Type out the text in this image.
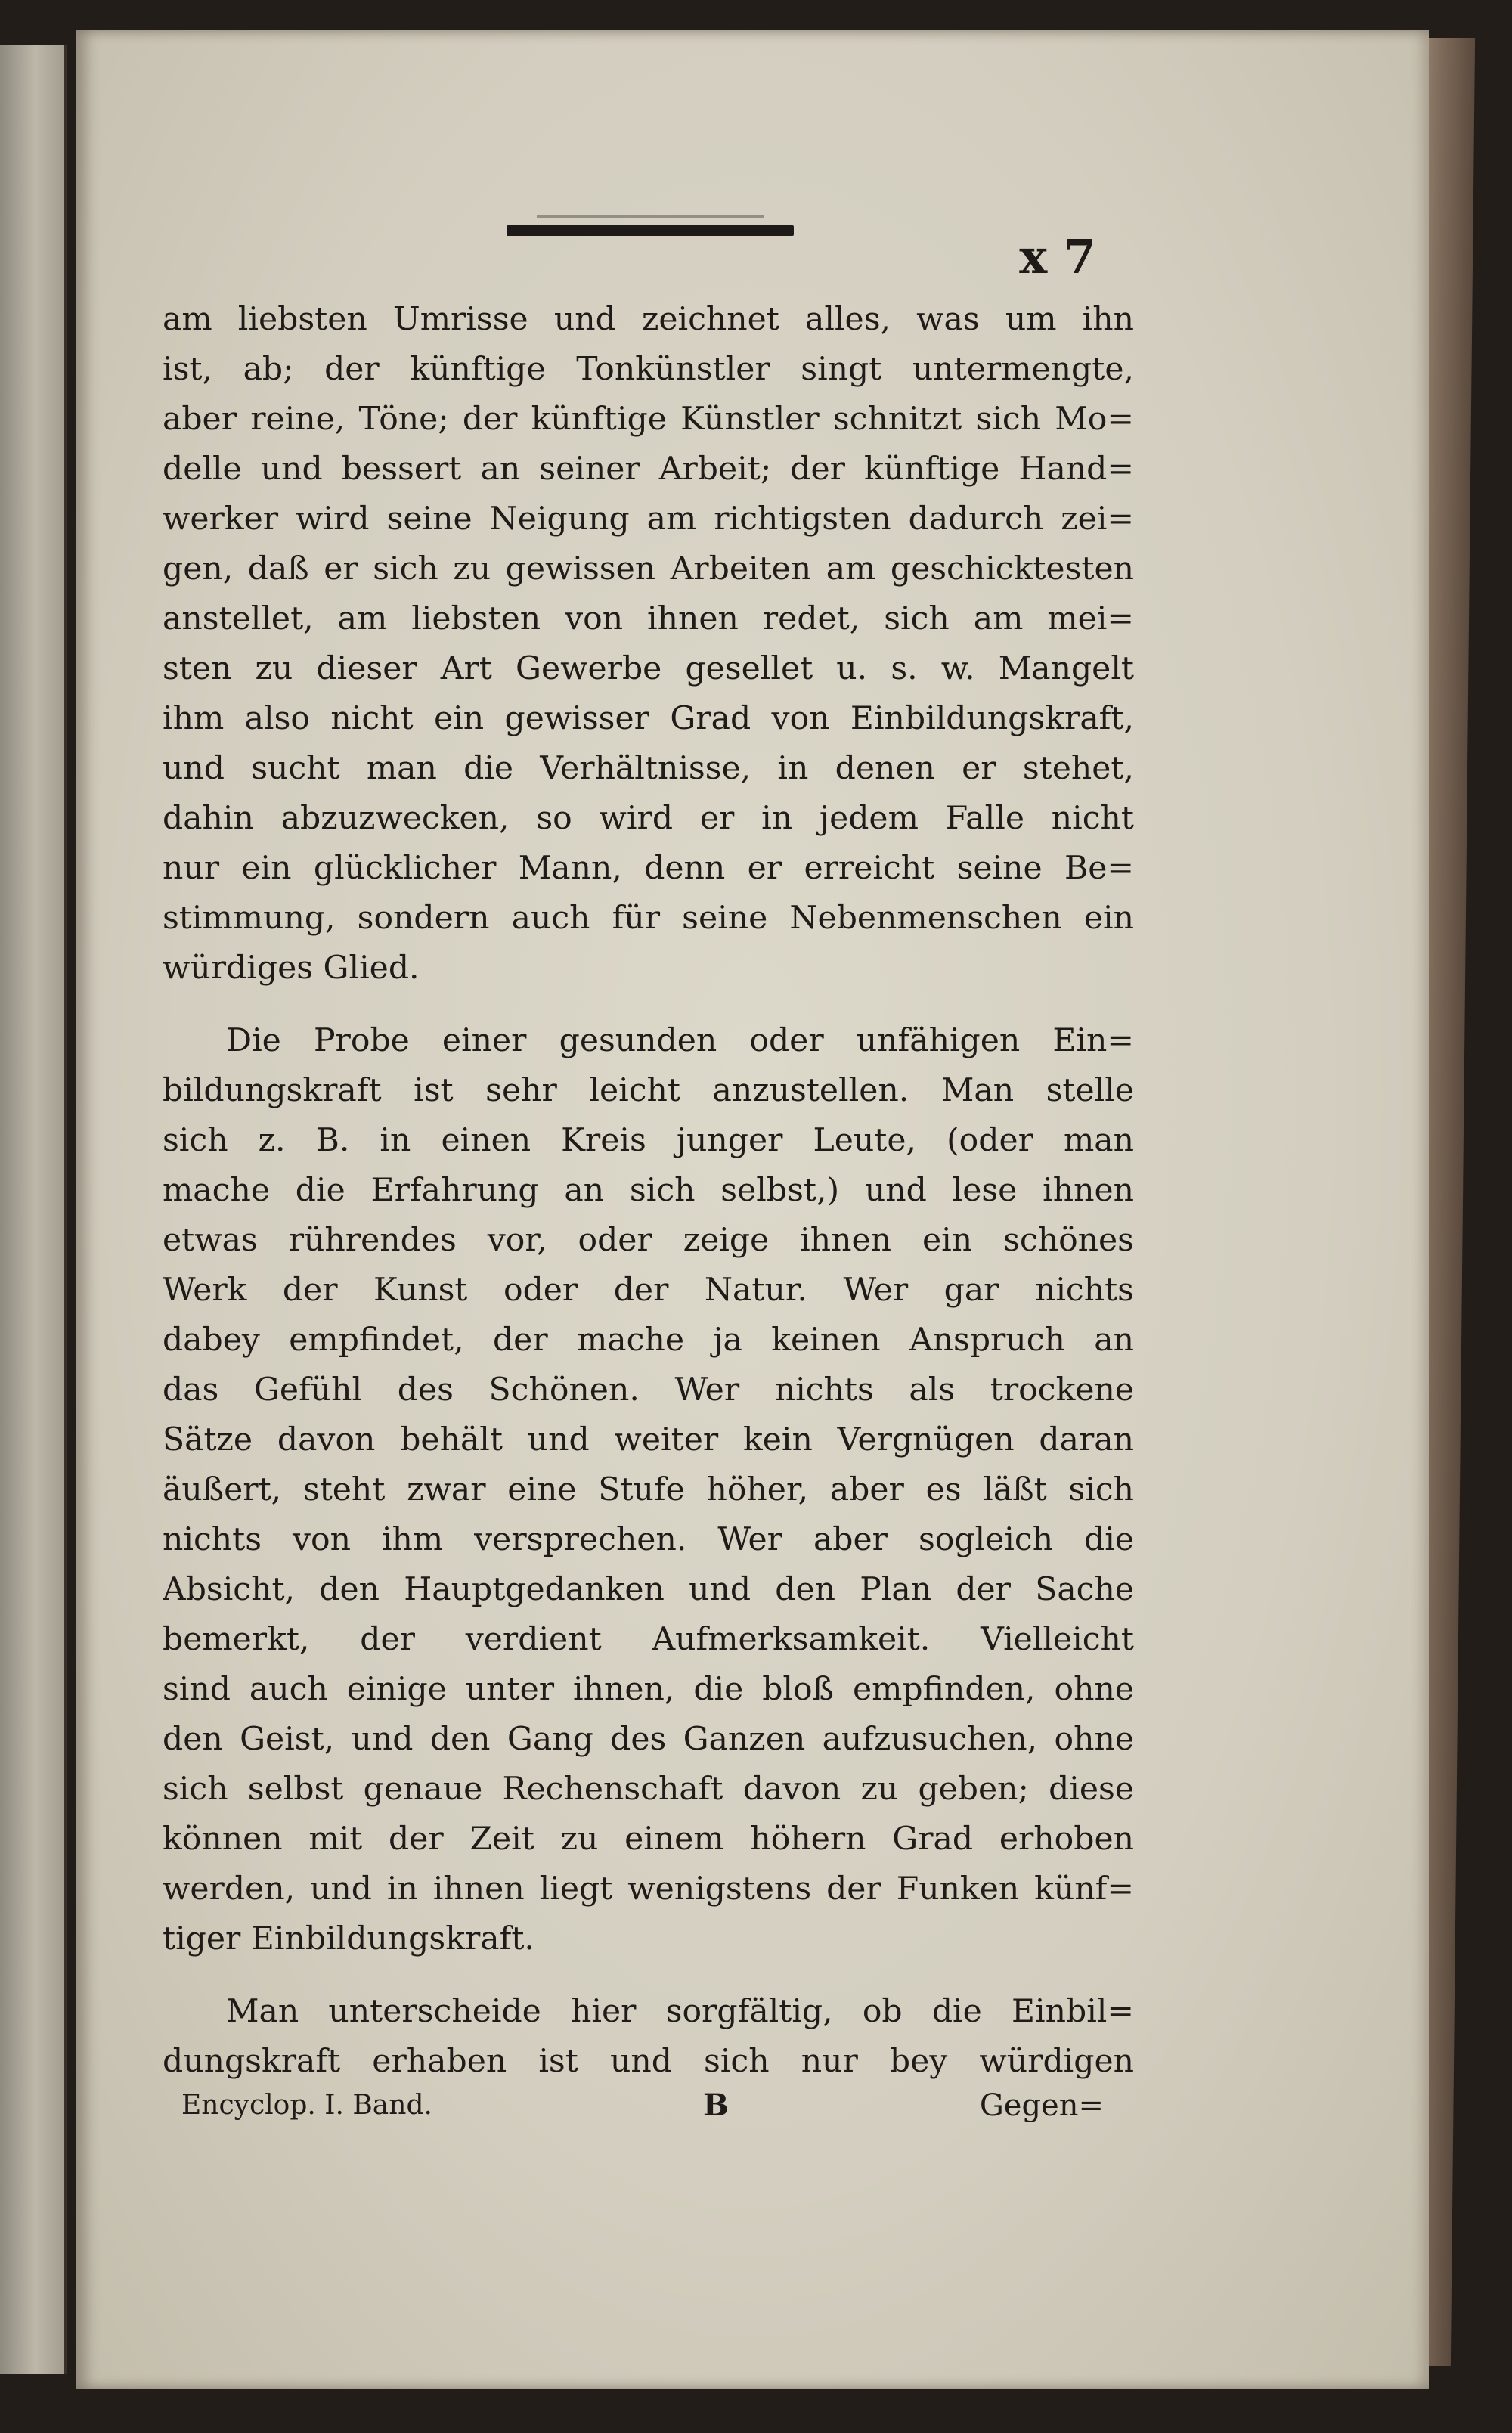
x 7
am liebsten Umrisse und zeichnet alles, was um ihn
ist, ab; der künftige Tonkünstler singt untermengte,
aber reine, Töne; der künftige Künstler schnitzt sich Mo=
delle und bessert an seiner Arbeit; der künftige Hand=
werker wird seine Neigung am richtigsten dadurch zei=
gen, daß er sich zu gewissen Arbeiten am geschicktesten
anstellet, am liebsten von ihnen redet, sich am mei=
sten zu dieser Art Gewerbe gesellet u. s. w. Mangelt
ihm also nicht ein gewisser Grad von Einbildungskraft,
und sucht man die Verhältnisse, in denen er stehet,
dahin abzuzwecken, so wird er in jedem Falle nicht
nur ein glücklicher Mann, denn er erreicht seine Be=
stimmung, sondern auch für seine Nebenmenschen ein
würdiges Glied.
Die Probe einer gesunden oder unfähigen Ein=
bildungskraft ist sehr leicht anzustellen. Man stelle
sich z. B. in einen Kreis junger Leute, (oder man
mache die Erfahrung an sich selbst,) und lese ihnen
etwas rührendes vor, oder zeige ihnen ein schönes
Werk der Kunst oder der Natur. Wer gar nichts
dabey empfindet, der mache ja keinen Anspruch an
das Gefühl des Schönen. Wer nichts als trockene
Sätze davon behält und weiter kein Vergnügen daran
äußert, steht zwar eine Stufe höher, aber es läßt sich
nichts von ihm versprechen. Wer aber sogleich die
Absicht, den Hauptgedanken und den Plan der Sache
bemerkt, der verdient Aufmerksamkeit. Vielleicht
sind auch einige unter ihnen, die bloß empfinden, ohne
den Geist, und den Gang des Ganzen aufzusuchen, ohne
sich selbst genaue Rechenschaft davon zu geben; diese
können mit der Zeit zu einem höhern Grad erhoben
werden, und in ihnen liegt wenigstens der Funken künf=
tiger Einbildungskraft.
Man unterscheide hier sorgfältig, ob die Einbil=
dungskraft erhaben ist und sich nur bey würdigen
Encyclop. I. Band.	B	Gegen=
